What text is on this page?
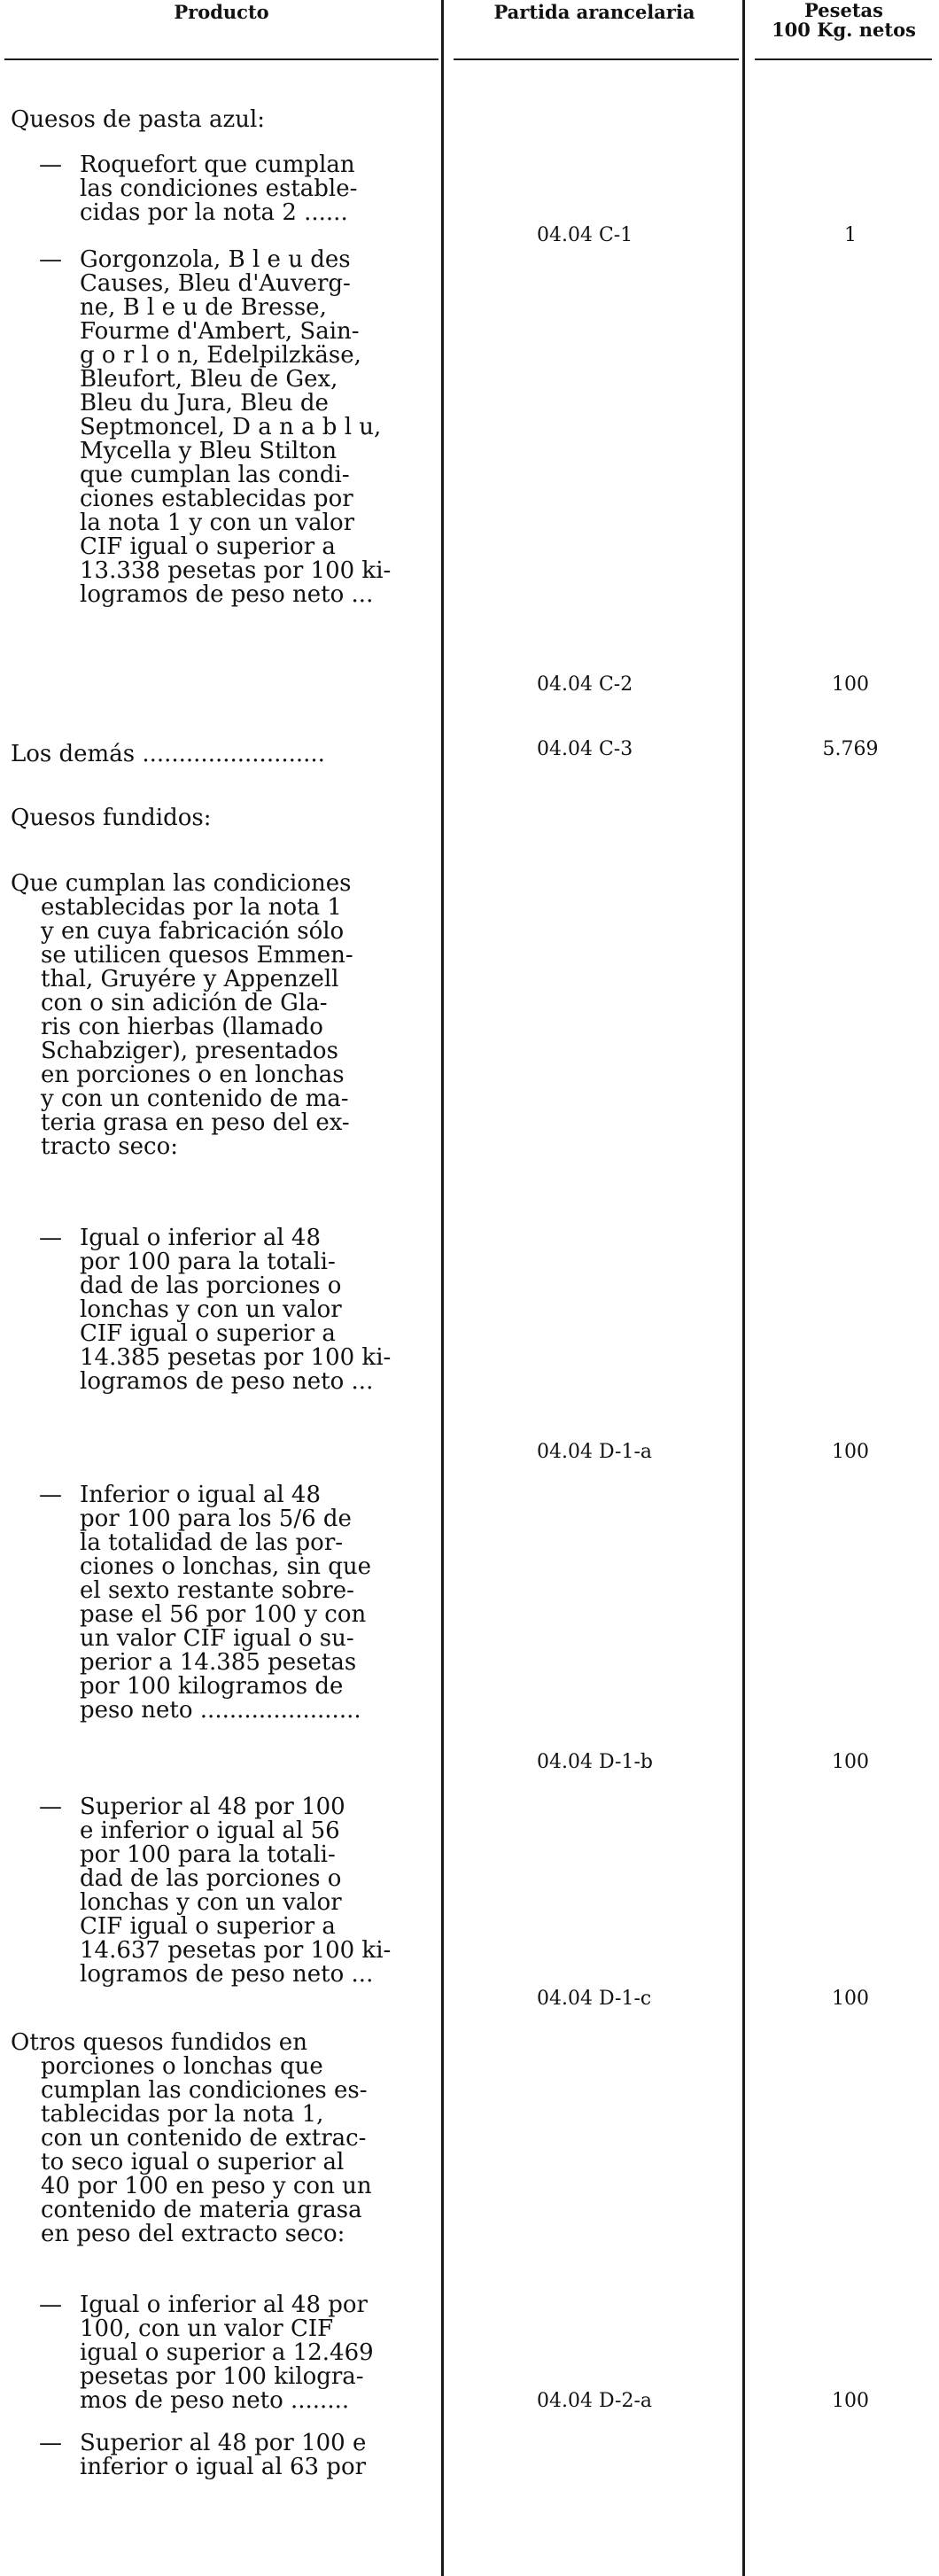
Producto	Partida arancelaria	Pesetas
100 Kg. netos
Quesos de pasta azul:
— Roquefort que cumplan
las condiciones estable-
cidas por la nota 2 ......
04.04 C-1	1
— Gorgonzola, B l e u des
Causes, Bleu d'Auverg-
ne, B l e u de Bresse,
Fourme d'Ambert, Sain-
g o r l o n, Edelpilzkäse,
Bleufort, Bleu de Gex,
Bleu du Jura, Bleu de
Septmoncel, D a n a b l u,
Mycella y Bleu Stilton
que cumplan las condi-
ciones establecidas por
la nota 1 y con un valor
CIF igual o superior a
13.338 pesetas por 100 ki-
logramos de peso neto ...
04.04 C-2	100
Los demás .........................	04.04 C-3	5.769
Quesos fundidos:
Que cumplan las condiciones
establecidas por la nota 1
y en cuya fabricación sólo
se utilicen quesos Emmen-
thal, Gruyére y Appenzell
con o sin adición de Gla-
ris con hierbas (llamado
Schabziger), presentados
en porciones o en lonchas
y con un contenido de ma-
teria grasa en peso del ex-
tracto seco:
— Igual o inferior al 48
por 100 para la totali-
dad de las porciones o
lonchas y con un valor
CIF igual o superior a
14.385 pesetas por 100 ki-
logramos de peso neto ...
04.04 D-1-a	100
— Inferior o igual al 48
por 100 para los 5/6 de
la totalidad de las por-
ciones o lonchas, sin que
el sexto restante sobre-
pase el 56 por 100 y con
un valor CIF igual o su-
perior a 14.385 pesetas
por 100 kilogramos de
peso neto ......................
04.04 D-1-b	100
— Superior al 48 por 100
e inferior o igual al 56
por 100 para la totali-
dad de las porciones o
lonchas y con un valor
CIF igual o superior a
14.637 pesetas por 100 ki-
logramos de peso neto ...
04.04 D-1-c	100
Otros quesos fundidos en
porciones o lonchas que
cumplan las condiciones es-
tablecidas por la nota 1,
con un contenido de extrac-
to seco igual o superior al
40 por 100 en peso y con un
contenido de materia grasa
en peso del extracto seco:
— Igual o inferior al 48 por
100, con un valor CIF
igual o superior a 12.469
pesetas por 100 kilogra-
mos de peso neto ........	04.04 D-2-a	100
— Superior al 48 por 100 e
inferior o igual al 63 por
